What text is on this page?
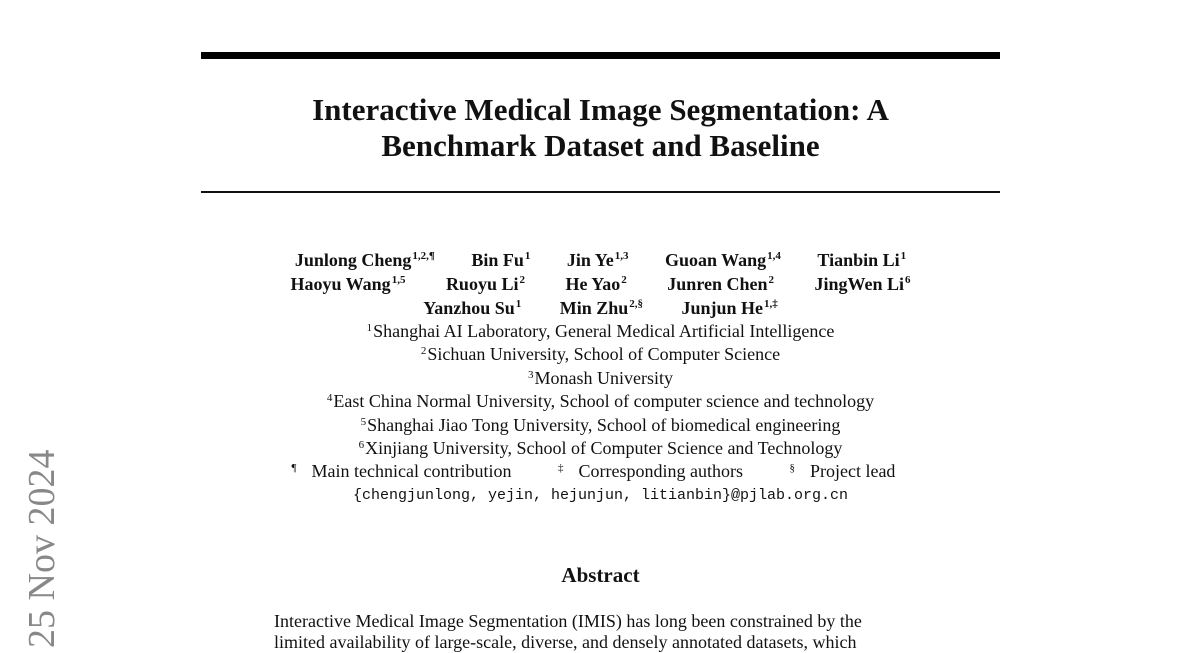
Interactive Medical Image Segmentation: A
Benchmark Dataset and Baseline
Junlong Cheng$^{1,2,\P}$ Bin Fu$^1$ Jin Ye$^{1,3}$ Guoan Wang$^{1,4}$ Tianbin Li$^1$
Haoyu Wang$^{1,5}$ Ruoyu Li$^2$ He Yao$^2$ Junren Chen$^2$ JingWen Li$^6$
Yanzhou Su$^1$ Min Zhu$^{2,\S}$ Junjun $He^{1,\ddagger}$
$^1$Shanghai AI Laboratory, General Medical Artificial Intelligence
$^2$Sichuan University, School of Computer Science
$^3$Monash University
$^4$East China Normal University, School of computer science and technology
$^5$Shanghai Jiao Tong University, School of biomedical engineering
$^6$Xinjiang University, School of Computer Science and Technology
¶ Main technical contribution	‡ Corresponding authors	§ Project lead
{chengjunlong, yejin, hejunjun, litianbin}@pjlab.org.cn
Abstract
Interactive Medical Image Segmentation (IMIS) has long been constrained by the
limited availability of large-scale, diverse, and densely annotated datasets, which
25 Nov 2024
